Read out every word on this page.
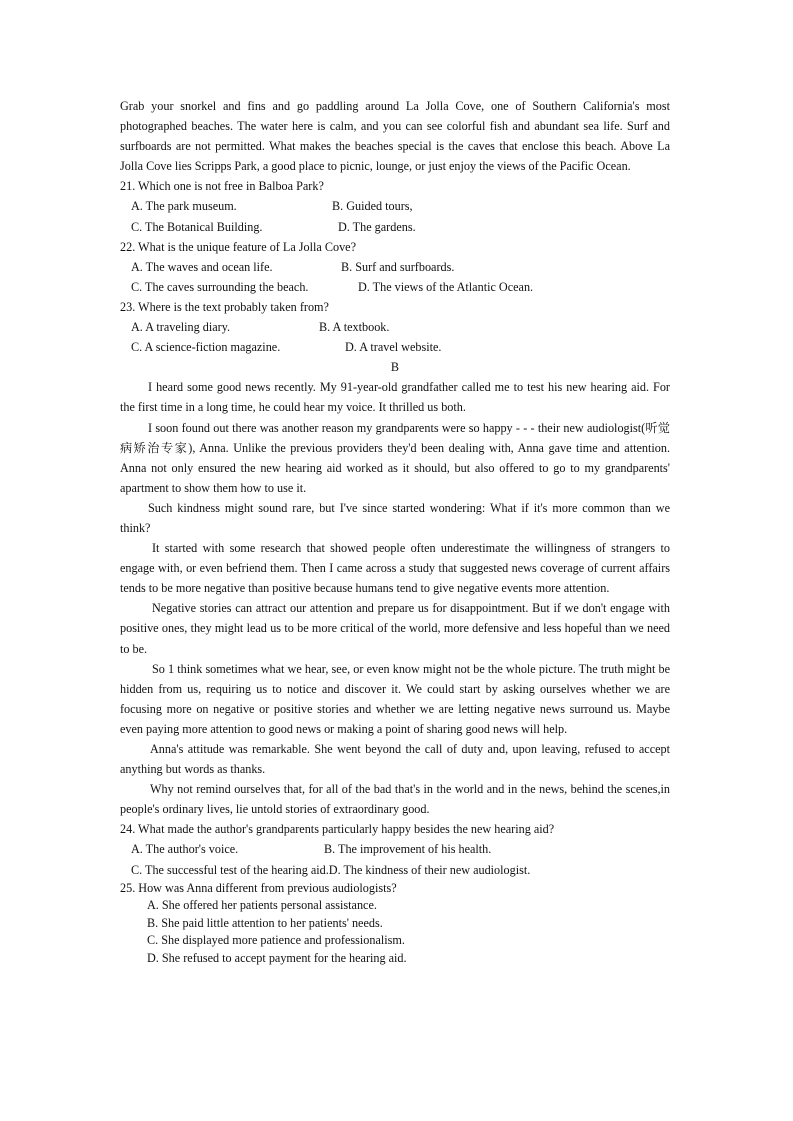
Grab your snorkel and fins and go paddling around La Jolla Cove, one of Southern California's most photographed beaches. The water here is calm, and you can see colorful fish and abundant sea life. Surf and surfboards are not permitted. What makes the beaches special is the caves that enclose this beach. Above La Jolla Cove lies Scripps Park, a good place to picnic, lounge, or just enjoy the views of the Pacific Ocean.

21. Which one is not free in Balboa Park?

A. The park museum.	B. Guided tours,
C. The Botanical Building.	D. The gardens.

22. What is the unique feature of La Jolla Cove?

A. The waves and ocean life.	B. Surf and surfboards.
C. The caves surrounding the beach.	D. The views of the Atlantic Ocean.

23. Where is the text probably taken from?

A. A traveling diary.	B. A textbook.
C. A science-fiction magazine.	D. A travel website.

B

I heard some good news recently. My 91-year-old grandfather called me to test his new hearing aid. For the first time in a long time, he could hear my voice. It thrilled us both.

I soon found out there was another reason my grandparents were so happy - - - their new audiologist(听觉病矫治专家), Anna. Unlike the previous providers they'd been dealing with, Anna gave time and attention. Anna not only ensured the new hearing aid worked as it should, but also offered to go to my grandparents' apartment to show them how to use it.

Such kindness might sound rare, but I've since started wondering: What if it's more common than we think?

It started with some research that showed people often underestimate the willingness of strangers to engage with, or even befriend them. Then I came across a study that suggested news coverage of current affairs tends to be more negative than positive because humans tend to give negative events more attention.

Negative stories can attract our attention and prepare us for disappointment. But if we don't engage with positive ones, they might lead us to be more critical of the world, more defensive and less hopeful than we need to be.

So 1 think sometimes what we hear, see, or even know might not be the whole picture. The truth might be hidden from us, requiring us to notice and discover it. We could start by asking ourselves whether we are focusing more on negative or positive stories and whether we are letting negative news surround us. Maybe even paying more attention to good news or making a point of sharing good news will help.

Anna's attitude was remarkable. She went beyond the call of duty and, upon leaving, refused to accept anything but words as thanks.

Why not remind ourselves that, for all of the bad that's in the world and in the news, behind the scenes,in people's ordinary lives, lie untold stories of extraordinary good.

24. What made the author's grandparents particularly happy besides the new hearing aid?

A. The author's voice.	B. The improvement of his health.
C. The successful test of the hearing aid.D. The kindness of their new audiologist.

25. How was Anna different from previous audiologists?

A. She offered her patients personal assistance.

B. She paid little attention to her patients' needs.

C. She displayed more patience and professionalism.

D. She refused to accept payment for the hearing aid.
